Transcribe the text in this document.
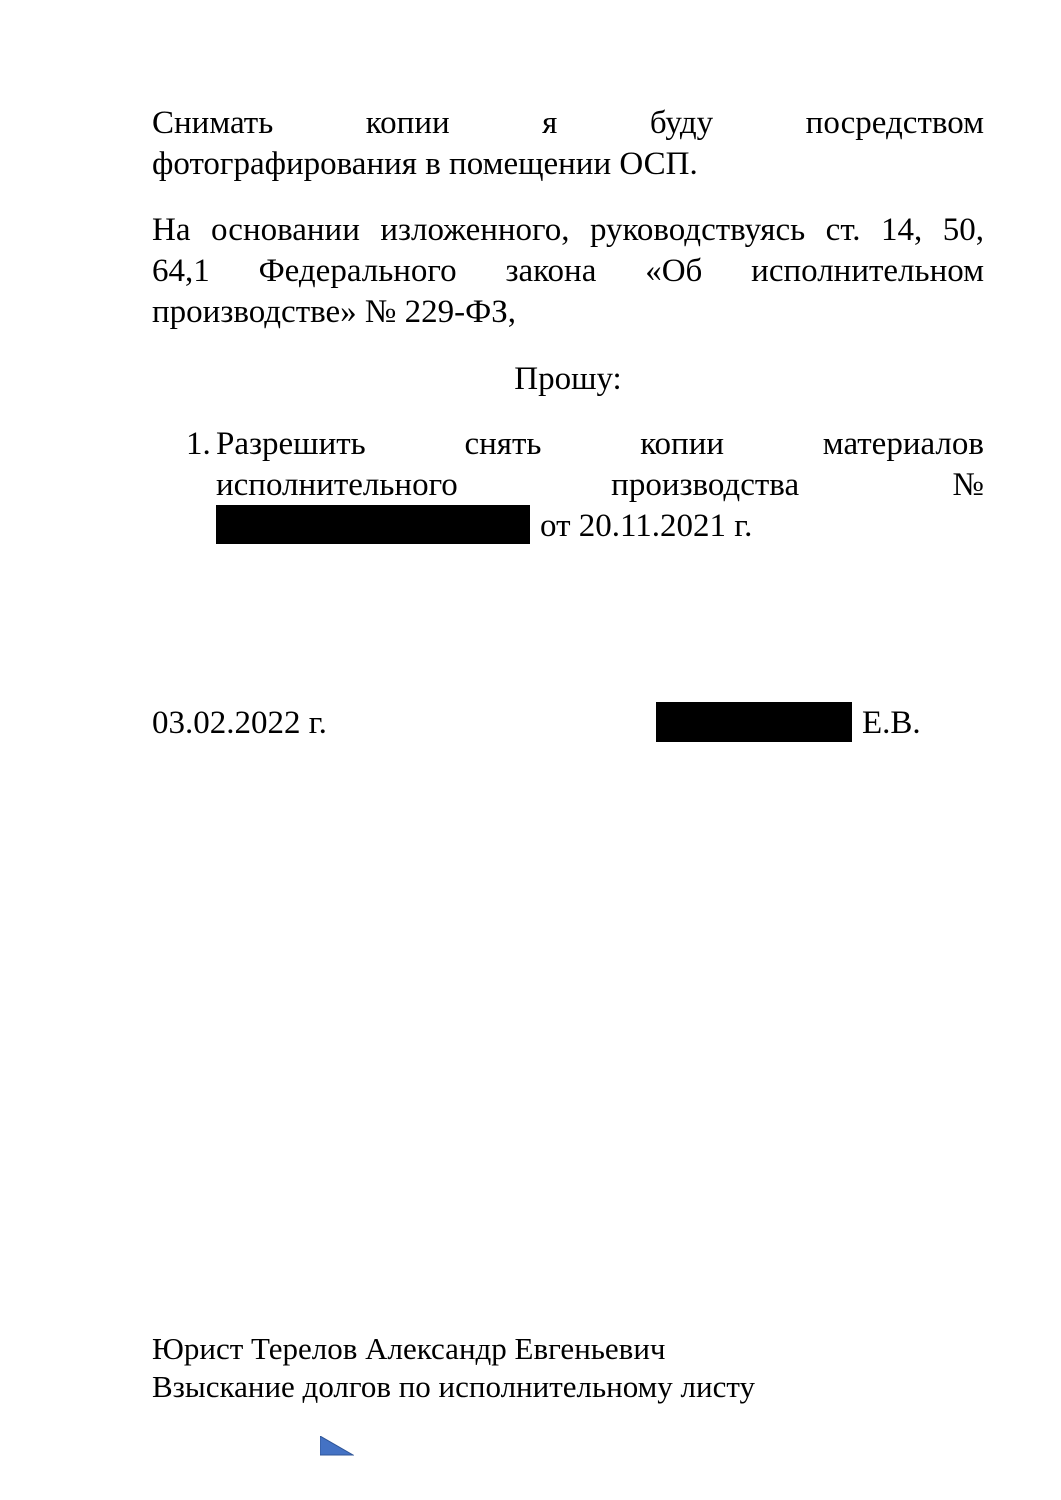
Снимать	копии	я	буду	посредством
фотографирования в помещении ОСП.
На основании изложенного, руководствуясь ст. 14, 50,
64,1 Федерального закона «Об исполнительном
производстве» № 229-ФЗ,
Прошу:
1. Разрешить	снять	копии	материалов
исполнительного	производства	№
от 20.11.2021 г.
03.02.2022 г.	Е.В.
Юрист Терелов Александр Евгеньевич
Взыскание долгов по исполнительному листу
